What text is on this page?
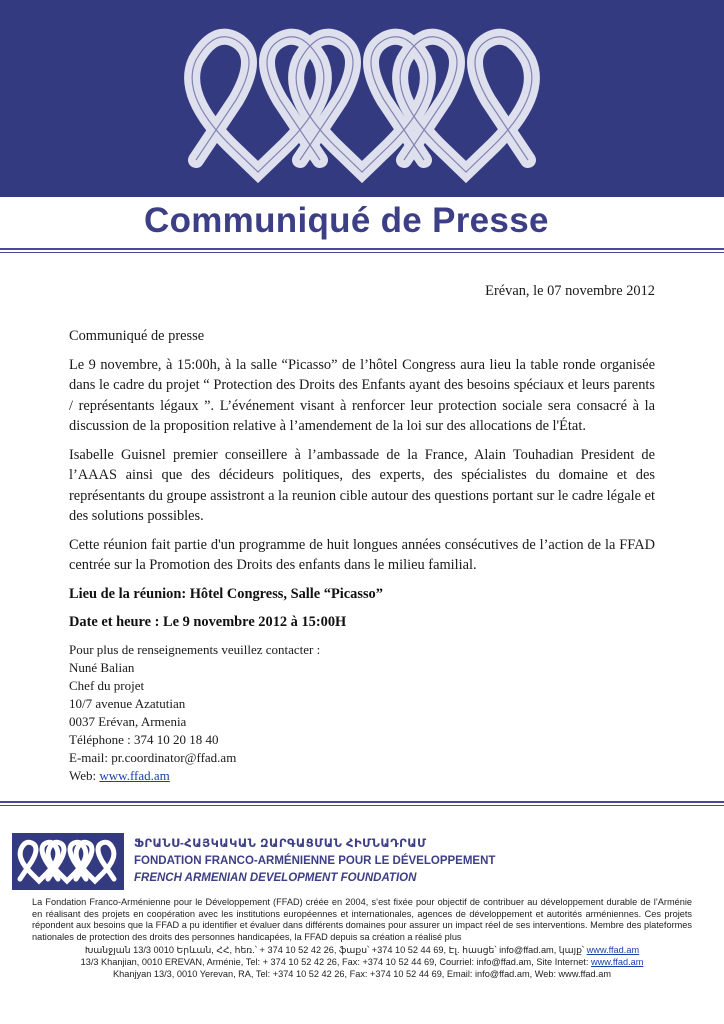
Communiqué de Presse
Erévan, le 07 novembre 2012

Communiqué de presse

Le 9 novembre, à 15:00h, à la salle “Picasso” de l’hôtel Congress aura lieu la table ronde organisée dans le cadre du projet “ Protection des Droits des Enfants ayant des besoins spéciaux et leurs parents / représentants légaux ”. L’événement visant à renforcer leur protection sociale sera consacré à la discussion de la proposition relative à l’amendement de la loi sur des allocations de l'État.

Isabelle Guisnel premier conseillere à l’ambassade de la France, Alain Touhadian President de l’AAAS ainsi que des décideurs politiques, des experts, des spécialistes du domaine et des représentants du groupe assistront a la reunion cible autour des questions portant sur le cadre légale et des solutions possibles.

Cette réunion fait partie d'un programme de huit longues années consécutives de l’action de la FFAD centrée sur la Promotion des Droits des enfants dans le milieu familial.

Lieu de la réunion: Hôtel Congress, Salle “Picasso”

Date et heure : Le 9 novembre 2012 à 15:00H

Pour plus de renseignements veuillez contacter :
Nuné Balian
Chef du projet
10/7 avenue Azatutian
0037 Erévan, Armenia
Téléphone : 374 10 20 18 40
E-mail: pr.coordinator@ffad.am
Web: www.ffad.am
ՖՐԱՆՍ-ՀԱՅԿԱԿԱՆ ԶԱՐԳԱՑՄԱՆ ՀԻՄՆԱԴՐԱՄ
FONDATION FRANCO-ARMÉNIENNE POUR LE DÉVELOPPEMENT
FRENCH ARMENIAN DEVELOPMENT FOUNDATION
La Fondation Franco-Arménienne pour le Développement (FFAD) créée en 2004, s’est fixée pour objectif de contribuer au développement durable de l’Arménie en réalisant des projets en coopération avec les institutions européennes et internationales, agences de développement et autorités arméniennes. Ces projets répondent aux besoins que la FFAD a pu identifier et évaluer dans différents domaines pour assurer un impact réel de ses interventions. Membre des plateformes nationales de protection des droits des personnes handicapées, la FFAD depuis sa création a réalisé plus
Խանջյան 13/3 0010 Երևան, ՀՀ, հեռ.՝ + 374 10 52 42 26, ֆաքս՝ +374 10 52 44 69, Էլ. հասցե՝ info@ffad.am, կայք՝ www.ffad.am
13/3 Khanjian, 0010 EREVAN, Arménie, Tel: + 374 10 52 42 26, Fax: +374 10 52 44 69, Courriel: info@ffad.am, Site Internet: www.ffad.am
Khanjyan 13/3, 0010 Yerevan, RA, Tel: +374 10 52 42 26, Fax: +374 10 52 44 69, Email: info@ffad.am, Web: www.ffad.am
